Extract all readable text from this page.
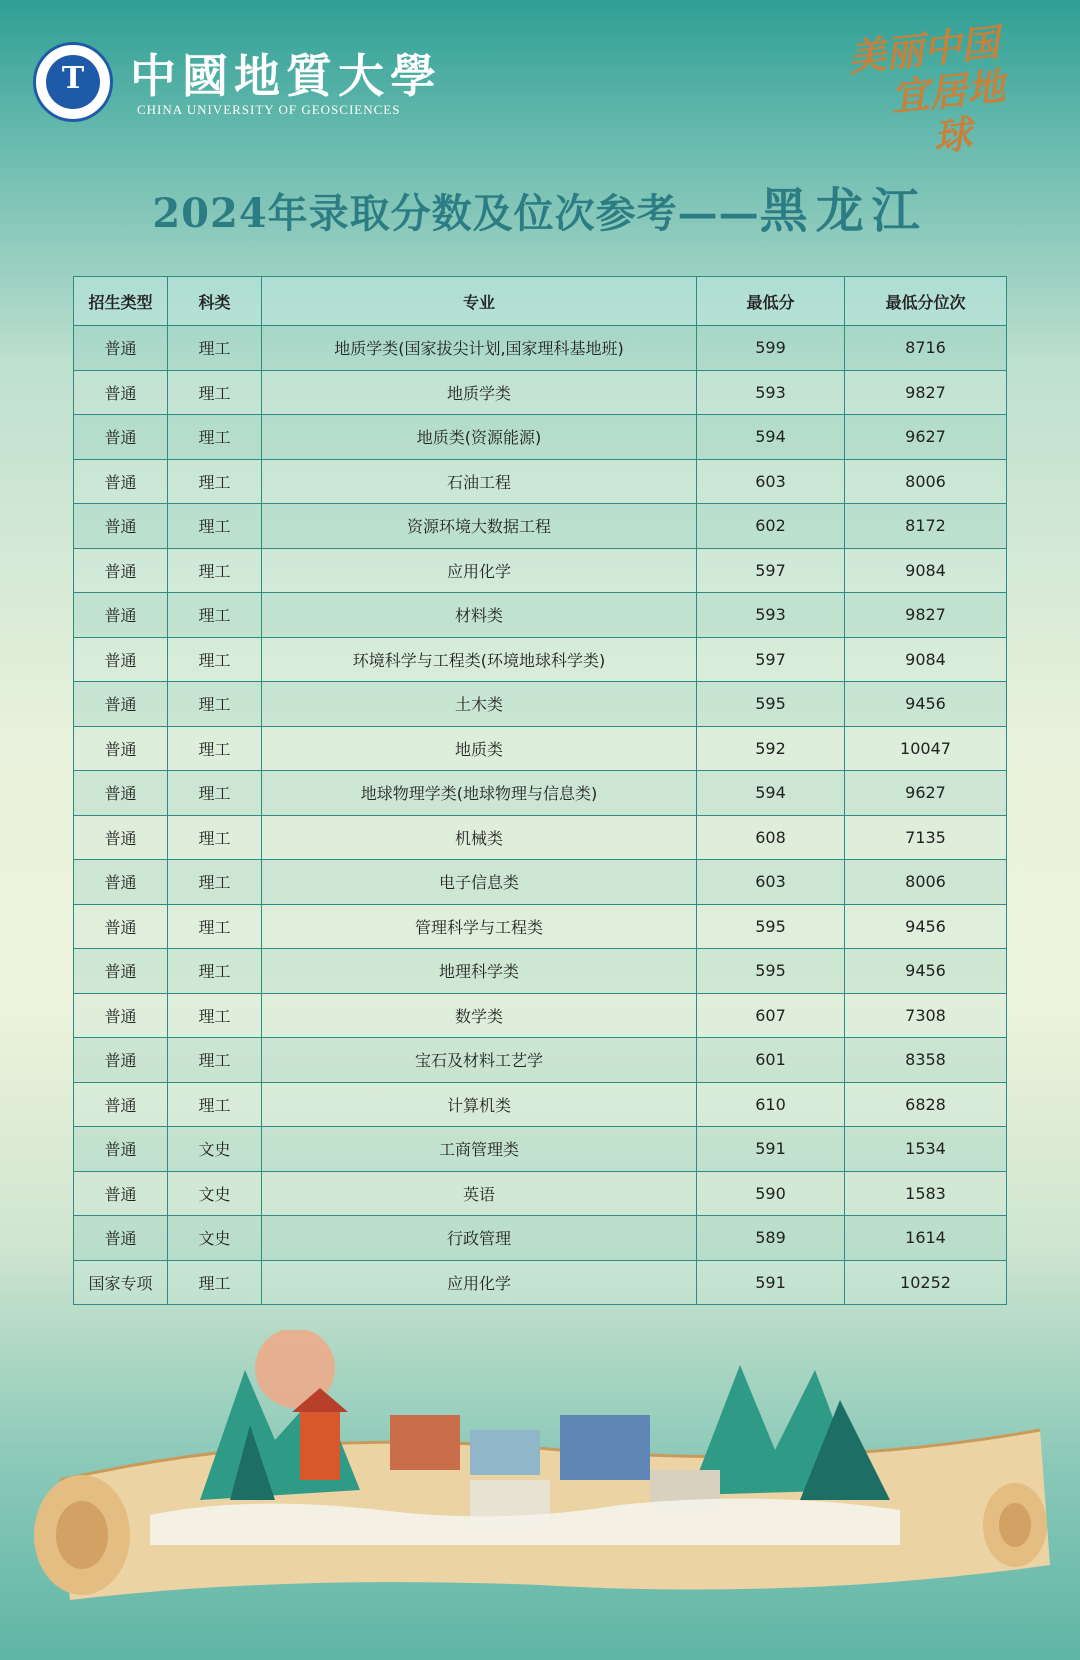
T
中國地質大學
CHINA UNIVERSITY OF GEOSCIENCES
美丽中国
宜居地球
2024年录取分数及位次参考——黑龙江
招生类型	科类	专业	最低分	最低分位次
普通	理工	地质学类(国家拔尖计划,国家理科基地班)	599	8716
普通	理工	地质学类	593	9827
普通	理工	地质类(资源能源)	594	9627
普通	理工	石油工程	603	8006
普通	理工	资源环境大数据工程	602	8172
普通	理工	应用化学	597	9084
普通	理工	材料类	593	9827
普通	理工	环境科学与工程类(环境地球科学类)	597	9084
普通	理工	土木类	595	9456
普通	理工	地质类	592	10047
普通	理工	地球物理学类(地球物理与信息类)	594	9627
普通	理工	机械类	608	7135
普通	理工	电子信息类	603	8006
普通	理工	管理科学与工程类	595	9456
普通	理工	地理科学类	595	9456
普通	理工	数学类	607	7308
普通	理工	宝石及材料工艺学	601	8358
普通	理工	计算机类	610	6828
普通	文史	工商管理类	591	1534
普通	文史	英语	590	1583
普通	文史	行政管理	589	1614
国家专项	理工	应用化学	591	10252
